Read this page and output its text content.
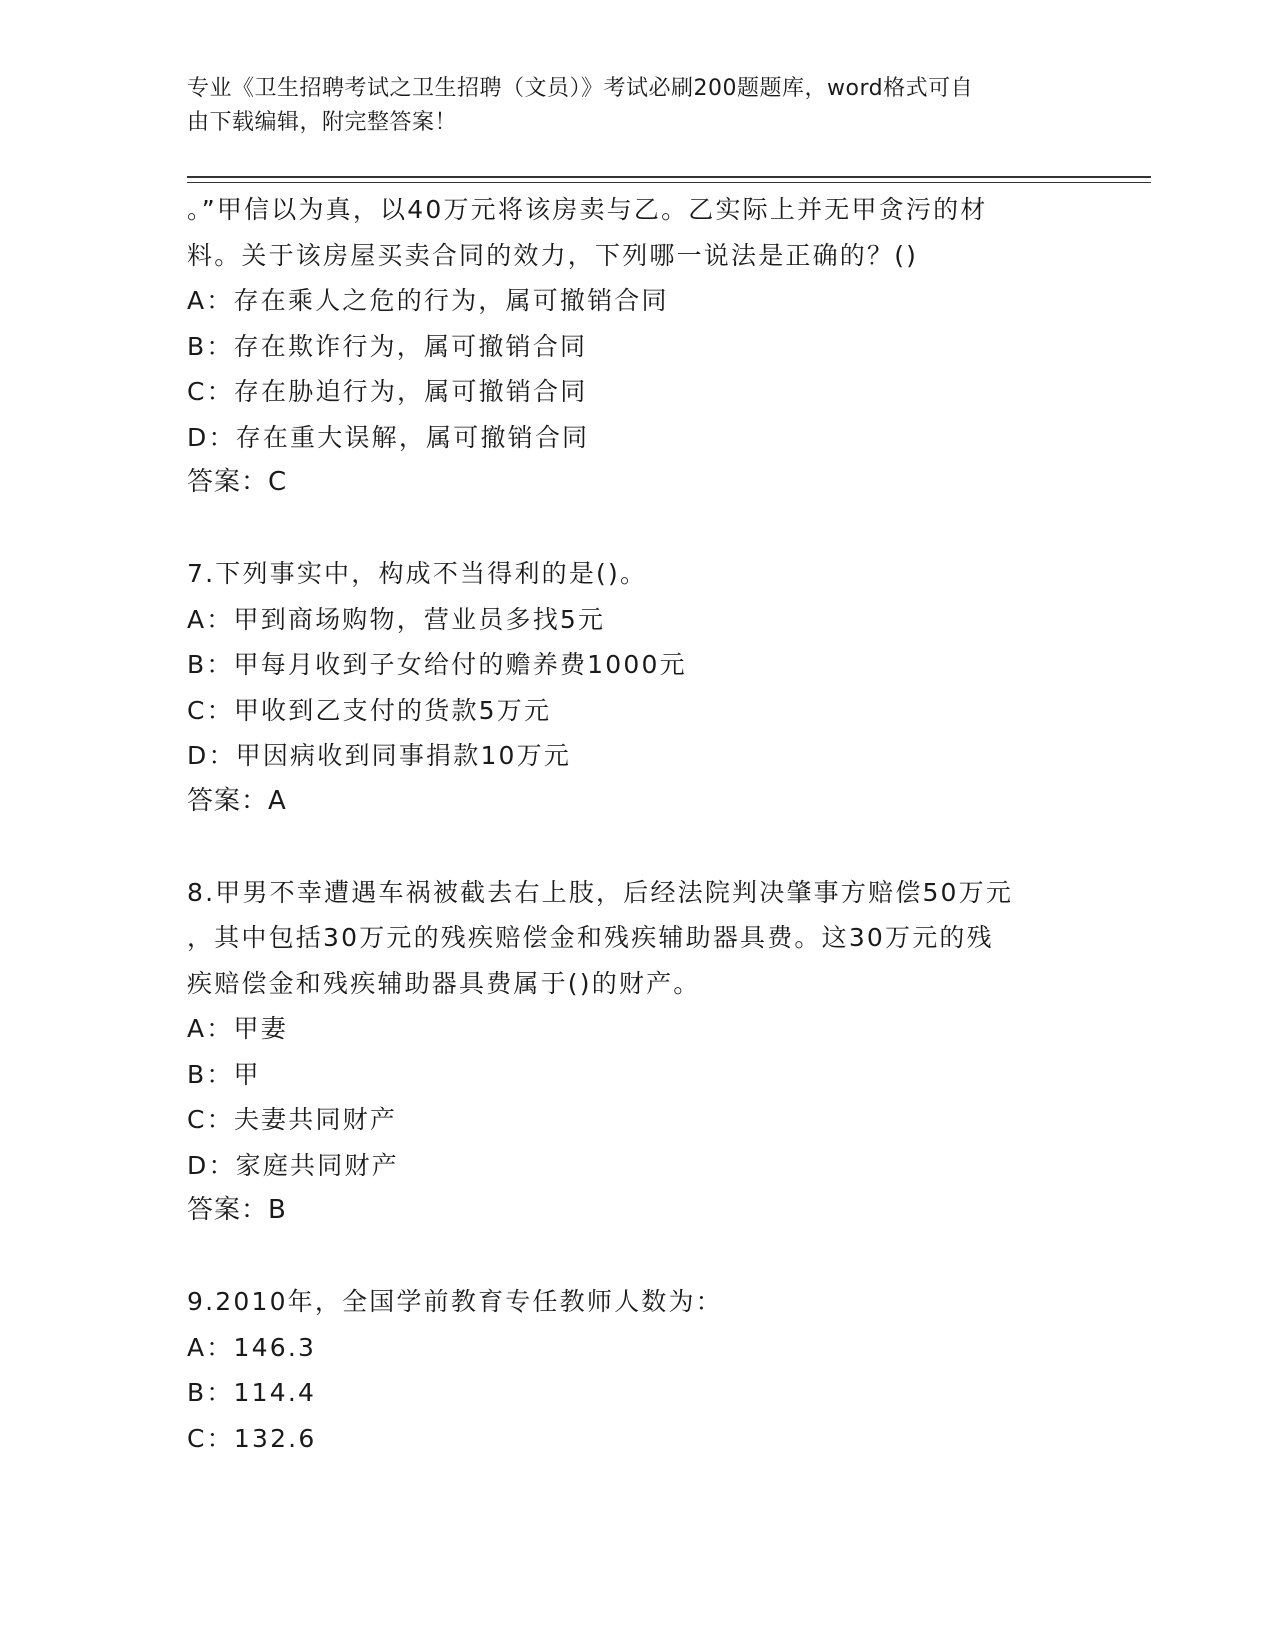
专业《卫生招聘考试之卫生招聘（文员）》考试必刷200题题库，word格式可自
由下载编辑，附完整答案！
。”甲信以为真，以40万元将该房卖与乙。乙实际上并无甲贪污的材
料。关于该房屋买卖合同的效力，下列哪一说法是正确的？()
A：存在乘人之危的行为，属可撤销合同
B：存在欺诈行为，属可撤销合同
C：存在胁迫行为，属可撤销合同
D：存在重大误解，属可撤销合同
答案：C
7.下列事实中，构成不当得利的是()。
A：甲到商场购物，营业员多找5元
B：甲每月收到子女给付的赡养费1000元
C：甲收到乙支付的货款5万元
D：甲因病收到同事捐款10万元
答案：A
8.甲男不幸遭遇车祸被截去右上肢，后经法院判决肇事方赔偿50万元
，其中包括30万元的残疾赔偿金和残疾辅助器具费。这30万元的残
疾赔偿金和残疾辅助器具费属于()的财产。
A：甲妻
B：甲
C：夫妻共同财产
D：家庭共同财产
答案：B
9.2010年，全国学前教育专任教师人数为：
A：146.3
B：114.4
C：132.6
